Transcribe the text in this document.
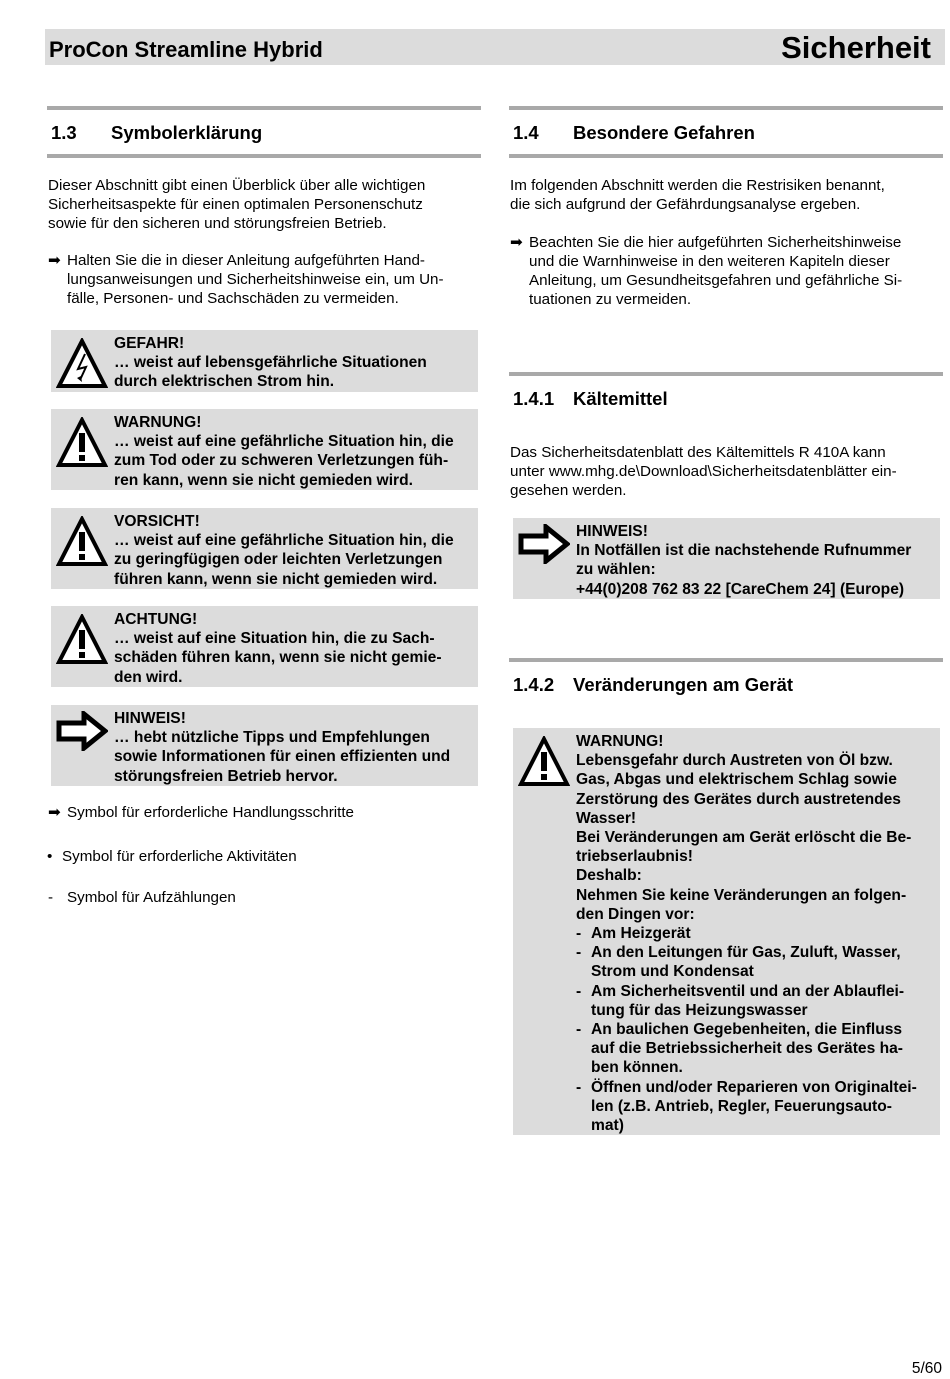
ProCon Streamline Hybrid	Sicherheit
1.3 Symbolerklärung
Dieser Abschnitt gibt einen Überblick über alle wichtigen
Sicherheitsaspekte für einen optimalen Personenschutz
sowie für den sicheren und störungsfreien Betrieb.
➡ Halten Sie die in dieser Anleitung aufgeführten Hand-
lungsanweisungen und Sicherheitshinweise ein, um Un-
fälle, Personen- und Sachschäden zu vermeiden.
GEFAHR!
… weist auf lebensgefährliche Situationen
durch elektrischen Strom hin.
WARNUNG!
… weist auf eine gefährliche Situation hin, die
zum Tod oder zu schweren Verletzungen füh-
ren kann, wenn sie nicht gemieden wird.
VORSICHT!
… weist auf eine gefährliche Situation hin, die
zu geringfügigen oder leichten Verletzungen
führen kann, wenn sie nicht gemieden wird.
ACHTUNG!
… weist auf eine Situation hin, die zu Sach-
schäden führen kann, wenn sie nicht gemie-
den wird.
HINWEIS!
… hebt nützliche Tipps und Empfehlungen
sowie Informationen für einen effizienten und
störungsfreien Betrieb hervor.
➡ Symbol für erforderliche Handlungsschritte
• Symbol für erforderliche Aktivitäten
- Symbol für Aufzählungen
1.4 Besondere Gefahren
Im folgenden Abschnitt werden die Restrisiken benannt,
die sich aufgrund der Gefährdungsanalyse ergeben.
➡ Beachten Sie die hier aufgeführten Sicherheitshinweise
und die Warnhinweise in den weiteren Kapiteln dieser
Anleitung, um Gesundheitsgefahren und gefährliche Si-
tuationen zu vermeiden.
1.4.1 Kältemittel
Das Sicherheitsdatenblatt des Kältemittels R 410A kann
unter www.mhg.de\Download\Sicherheitsdatenblätter ein-
gesehen werden.
HINWEIS!
In Notfällen ist die nachstehende Rufnummer
zu wählen:
+44(0)208 762 83 22 [CareChem 24] (Europe)
1.4.2 Veränderungen am Gerät
WARNUNG!
Lebensgefahr durch Austreten von Öl bzw.
Gas, Abgas und elektrischem Schlag sowie
Zerstörung des Gerätes durch austretendes
Wasser!
Bei Veränderungen am Gerät erlöscht die Be-
triebserlaubnis!
Deshalb:
Nehmen Sie keine Veränderungen an folgen-
den Dingen vor:
- Am Heizgerät
- An den Leitungen für Gas, Zuluft, Wasser,
Strom und Kondensat
- Am Sicherheitsventil und an der Ablauflei-
tung für das Heizungswasser
- An baulichen Gegebenheiten, die Einfluss
auf die Betriebssicherheit des Gerätes ha-
ben können.
- Öffnen und/oder Reparieren von Originaltei-
len (z.B. Antrieb, Regler, Feuerungsauto-
mat)
5/60
